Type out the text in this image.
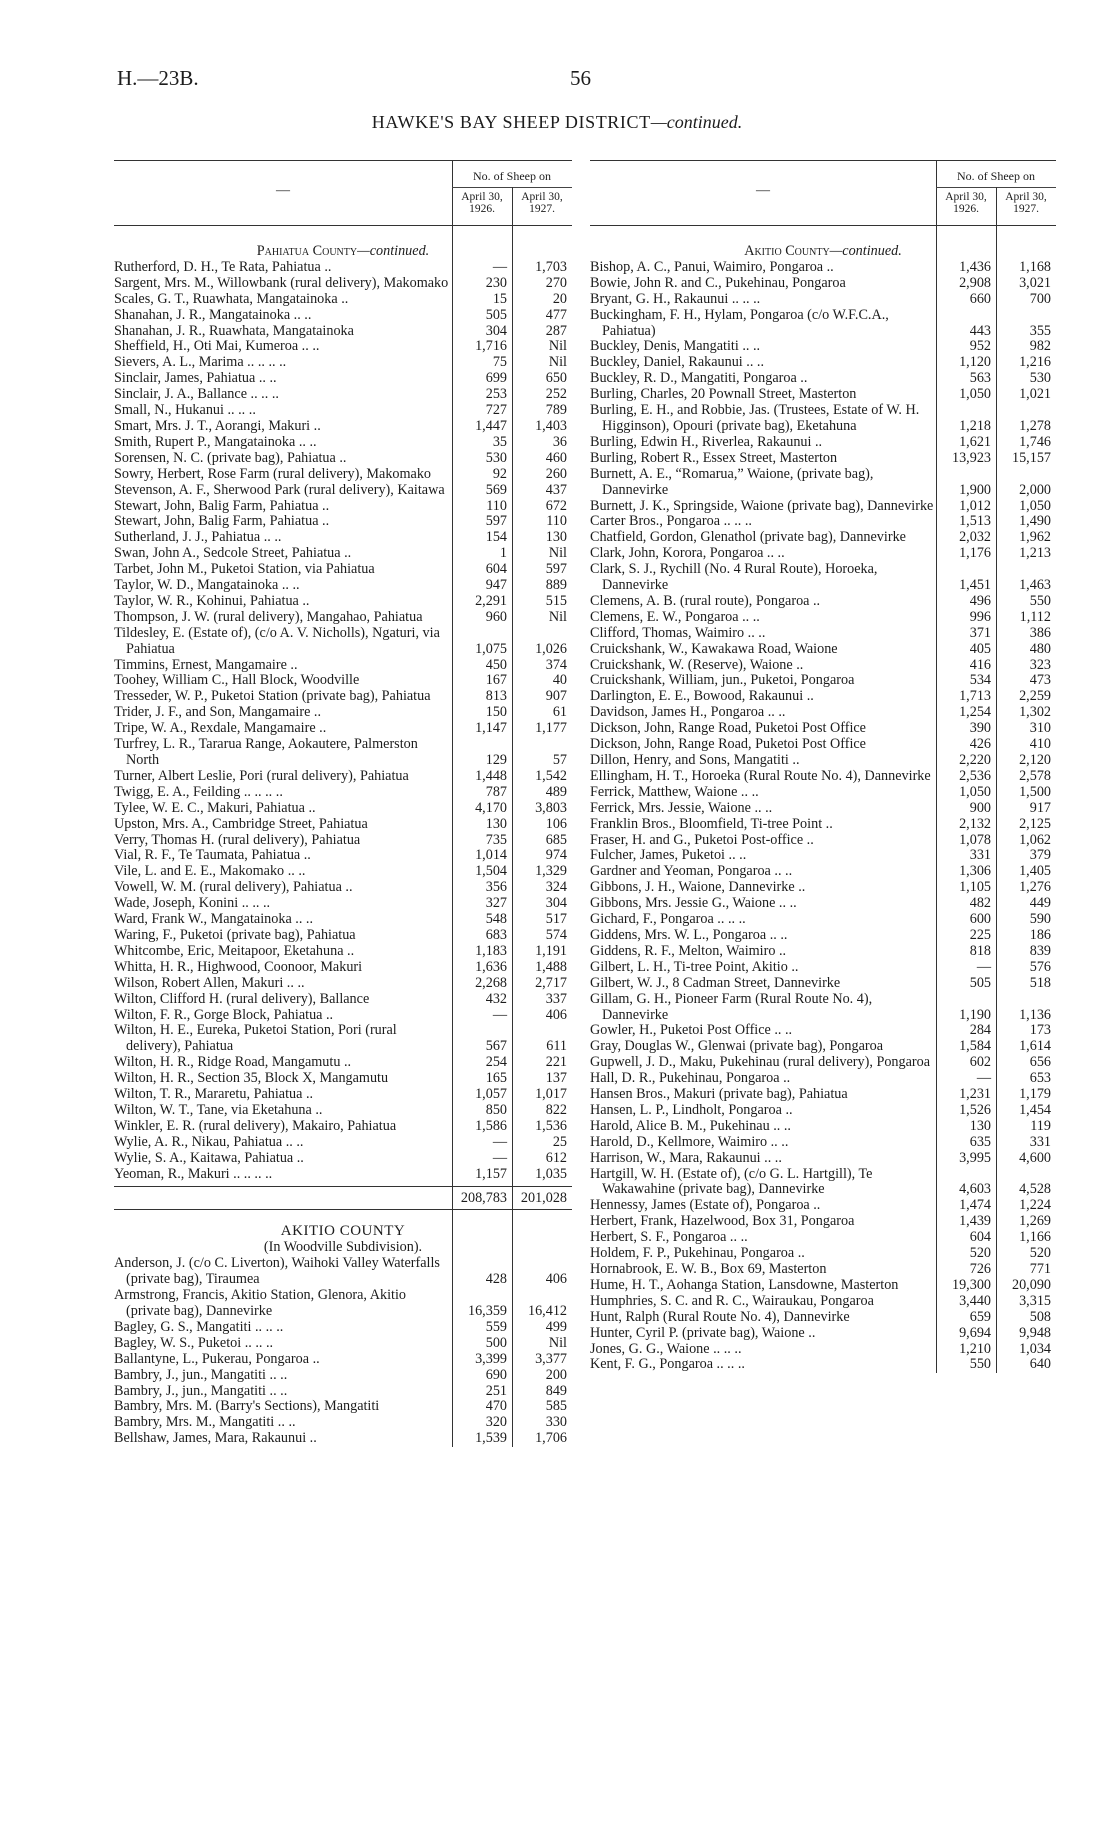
H.—23B.	56
HAWKE'S BAY SHEEP DISTRICT—continued.
—
No. of Sheep on
April 30, 1926.
April 30, 1927.
Pahiatua County—continued.
Rutherford, D. H., Te Rata, Pahiatua ..	—	1,703
Sargent, Mrs. M., Willowbank (rural delivery), Makomako	230	270
Scales, G. T., Ruawhata, Mangatainoka ..	15	20
Shanahan, J. R., Mangatainoka .. ..	505	477
Shanahan, J. R., Ruawhata, Mangatainoka	304	287
Sheffield, H., Oti Mai, Kumeroa .. ..	1,716	Nil
Sievers, A. L., Marima .. .. .. ..	75	Nil
Sinclair, James, Pahiatua .. ..	699	650
Sinclair, J. A., Ballance .. .. ..	253	252
Small, N., Hukanui .. .. ..	727	789
Smart, Mrs. J. T., Aorangi, Makuri ..	1,447	1,403
Smith, Rupert P., Mangatainoka .. ..	35	36
Sorensen, N. C. (private bag), Pahiatua ..	530	460
Sowry, Herbert, Rose Farm (rural delivery), Makomako	92	260
Stevenson, A. F., Sherwood Park (rural delivery), Kaitawa	569	437
Stewart, John, Balig Farm, Pahiatua ..	110	672
Stewart, John, Balig Farm, Pahiatua ..	597	110
Sutherland, J. J., Pahiatua .. ..	154	130
Swan, John A., Sedcole Street, Pahiatua ..	1	Nil
Tarbet, John M., Puketoi Station, via Pahiatua	604	597
Taylor, W. D., Mangatainoka .. ..	947	889
Taylor, W. R., Kohinui, Pahiatua ..	2,291	515
Thompson, J. W. (rural delivery), Mangahao, Pahiatua	960	Nil
Tildesley, E. (Estate of), (c/o A. V. Nicholls), Ngaturi, via Pahiatua	1,075	1,026
Timmins, Ernest, Mangamaire ..	450	374
Toohey, William C., Hall Block, Woodville	167	40
Tresseder, W. P., Puketoi Station (private bag), Pahiatua	813	907
Trider, J. F., and Son, Mangamaire ..	150	61
Tripe, W. A., Rexdale, Mangamaire ..	1,147	1,177
Turfrey, L. R., Tararua Range, Aokautere, Palmerston North	129	57
Turner, Albert Leslie, Pori (rural delivery), Pahiatua	1,448	1,542
Twigg, E. A., Feilding .. .. .. ..	787	489
Tylee, W. E. C., Makuri, Pahiatua ..	4,170	3,803
Upston, Mrs. A., Cambridge Street, Pahiatua	130	106
Verry, Thomas H. (rural delivery), Pahiatua	735	685
Vial, R. F., Te Taumata, Pahiatua ..	1,014	974
Vile, L. and E. E., Makomako .. ..	1,504	1,329
Vowell, W. M. (rural delivery), Pahiatua ..	356	324
Wade, Joseph, Konini .. .. ..	327	304
Ward, Frank W., Mangatainoka .. ..	548	517
Waring, F., Puketoi (private bag), Pahiatua	683	574
Whitcombe, Eric, Meitapoor, Eketahuna ..	1,183	1,191
Whitta, H. R., Highwood, Coonoor, Makuri	1,636	1,488
Wilson, Robert Allen, Makuri .. ..	2,268	2,717
Wilton, Clifford H. (rural delivery), Ballance	432	337
Wilton, F. R., Gorge Block, Pahiatua ..	—	406
Wilton, H. E., Eureka, Puketoi Station, Pori (rural delivery), Pahiatua	567	611
Wilton, H. R., Ridge Road, Mangamutu ..	254	221
Wilton, H. R., Section 35, Block X, Mangamutu	165	137
Wilton, T. R., Mararetu, Pahiatua ..	1,057	1,017
Wilton, W. T., Tane, via Eketahuna ..	850	822
Winkler, E. R. (rural delivery), Makairo, Pahiatua	1,586	1,536
Wylie, A. R., Nikau, Pahiatua .. ..	—	25
Wylie, S. A., Kaitawa, Pahiatua ..	—	612
Yeoman, R., Makuri .. .. .. ..	1,157	1,035
208,783 201,028
AKITIO COUNTY
(In Woodville Subdivision).
Anderson, J. (c/o C. Liverton), Waihoki Valley Waterfalls (private bag), Tiraumea	428	406
Armstrong, Francis, Akitio Station, Glenora, Akitio (private bag), Dannevirke	16,359	16,412
Bagley, G. S., Mangatiti .. .. ..	559	499
Bagley, W. S., Puketoi .. .. ..	500	Nil
Ballantyne, L., Pukerau, Pongaroa ..	3,399	3,377
Bambry, J., jun., Mangatiti .. ..	690	200
Bambry, J., jun., Mangatiti .. ..	251	849
Bambry, Mrs. M. (Barry's Sections), Mangatiti	470	585
Bambry, Mrs. M., Mangatiti .. ..	320	330
Bellshaw, James, Mara, Rakaunui ..	1,539	1,706
—
No. of Sheep on
April 30, 1926.
April 30, 1927.
Akitio County—continued.
Bishop, A. C., Panui, Waimiro, Pongaroa ..	1,436	1,168
Bowie, John R. and C., Pukehinau, Pongaroa	2,908	3,021
Bryant, G. H., Rakaunui .. .. ..	660	700
Buckingham, F. H., Hylam, Pongaroa (c/o W.F.C.A., Pahiatua)	443	355
Buckley, Denis, Mangatiti .. ..	952	982
Buckley, Daniel, Rakaunui .. ..	1,120	1,216
Buckley, R. D., Mangatiti, Pongaroa ..	563	530
Burling, Charles, 20 Pownall Street, Masterton	1,050	1,021
Burling, E. H., and Robbie, Jas. (Trustees, Estate of W. H. Higginson), Opouri (private bag), Eketahuna	1,218	1,278
Burling, Edwin H., Riverlea, Rakaunui ..	1,621	1,746
Burling, Robert R., Essex Street, Masterton	13,923	15,157
Burnett, A. E., “Romarua,” Waione, (private bag), Dannevirke	1,900	2,000
Burnett, J. K., Springside, Waione (private bag), Dannevirke	1,012	1,050
Carter Bros., Pongaroa .. .. ..	1,513	1,490
Chatfield, Gordon, Glenathol (private bag), Dannevirke	2,032	1,962
Clark, John, Korora, Pongaroa .. ..	1,176	1,213
Clark, S. J., Rychill (No. 4 Rural Route), Horoeka, Dannevirke	1,451	1,463
Clemens, A. B. (rural route), Pongaroa ..	496	550
Clemens, E. W., Pongaroa .. ..	996	1,112
Clifford, Thomas, Waimiro .. ..	371	386
Cruickshank, W., Kawakawa Road, Waione	405	480
Cruickshank, W. (Reserve), Waione ..	416	323
Cruickshank, William, jun., Puketoi, Pongaroa	534	473
Darlington, E. E., Bowood, Rakaunui ..	1,713	2,259
Davidson, James H., Pongaroa .. ..	1,254	1,302
Dickson, John, Range Road, Puketoi Post Office	390	310
Dickson, John, Range Road, Puketoi Post Office	426	410
Dillon, Henry, and Sons, Mangatiti ..	2,220	2,120
Ellingham, H. T., Horoeka (Rural Route No. 4), Dannevirke	2,536	2,578
Ferrick, Matthew, Waione .. ..	1,050	1,500
Ferrick, Mrs. Jessie, Waione .. ..	900	917
Franklin Bros., Bloomfield, Ti-tree Point ..	2,132	2,125
Fraser, H. and G., Puketoi Post-office ..	1,078	1,062
Fulcher, James, Puketoi .. ..	331	379
Gardner and Yeoman, Pongaroa .. ..	1,306	1,405
Gibbons, J. H., Waione, Dannevirke ..	1,105	1,276
Gibbons, Mrs. Jessie G., Waione .. ..	482	449
Gichard, F., Pongaroa .. .. ..	600	590
Giddens, Mrs. W. L., Pongaroa .. ..	225	186
Giddens, R. F., Melton, Waimiro ..	818	839
Gilbert, L. H., Ti-tree Point, Akitio ..	—	576
Gilbert, W. J., 8 Cadman Street, Dannevirke	505	518
Gillam, G. H., Pioneer Farm (Rural Route No. 4), Dannevirke	1,190	1,136
Gowler, H., Puketoi Post Office .. ..	284	173
Gray, Douglas W., Glenwai (private bag), Pongaroa	1,584	1,614
Gupwell, J. D., Maku, Pukehinau (rural delivery), Pongaroa	602	656
Hall, D. R., Pukehinau, Pongaroa ..	—	653
Hansen Bros., Makuri (private bag), Pahiatua	1,231	1,179
Hansen, L. P., Lindholt, Pongaroa ..	1,526	1,454
Harold, Alice B. M., Pukehinau .. ..	130	119
Harold, D., Kellmore, Waimiro .. ..	635	331
Harrison, W., Mara, Rakaunui .. ..	3,995	4,600
Hartgill, W. H. (Estate of), (c/o G. L. Hartgill), Te Wakawahine (private bag), Dannevirke	4,603	4,528
Hennessy, James (Estate of), Pongaroa ..	1,474	1,224
Herbert, Frank, Hazelwood, Box 31, Pongaroa	1,439	1,269
Herbert, S. F., Pongaroa .. ..	604	1,166
Holdem, F. P., Pukehinau, Pongaroa ..	520	520
Hornabrook, E. W. B., Box 69, Masterton	726	771
Hume, H. T., Aohanga Station, Lansdowne, Masterton	19,300	20,090
Humphries, S. C. and R. C., Wairaukau, Pongaroa	3,440	3,315
Hunt, Ralph (Rural Route No. 4), Dannevirke	659	508
Hunter, Cyril P. (private bag), Waione ..	9,694	9,948
Jones, G. G., Waione .. .. ..	1,210	1,034
Kent, F. G., Pongaroa .. .. ..	550	640
